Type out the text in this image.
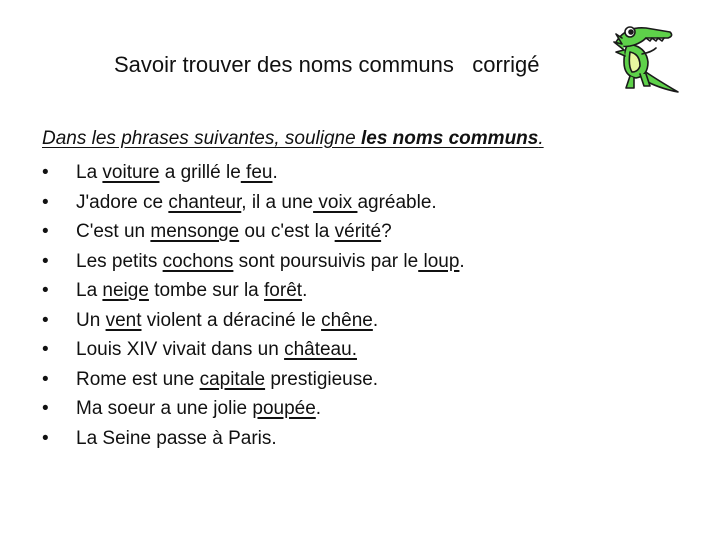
Savoir trouver des noms communs   corrigé
Dans les phrases suivantes, souligne les noms communs.
• La voiture a grillé le feu.
• J'adore ce chanteur, il a une voix agréable.
• C'est un mensonge ou c'est la vérité?
• Les petits cochons sont poursuivis par le loup.
• La neige tombe sur la forêt.
• Un vent violent a déraciné le chêne.
• Louis XIV vivait dans un château.
• Rome est une capitale prestigieuse.
• Ma soeur a une jolie poupée.
• La Seine passe à Paris.
